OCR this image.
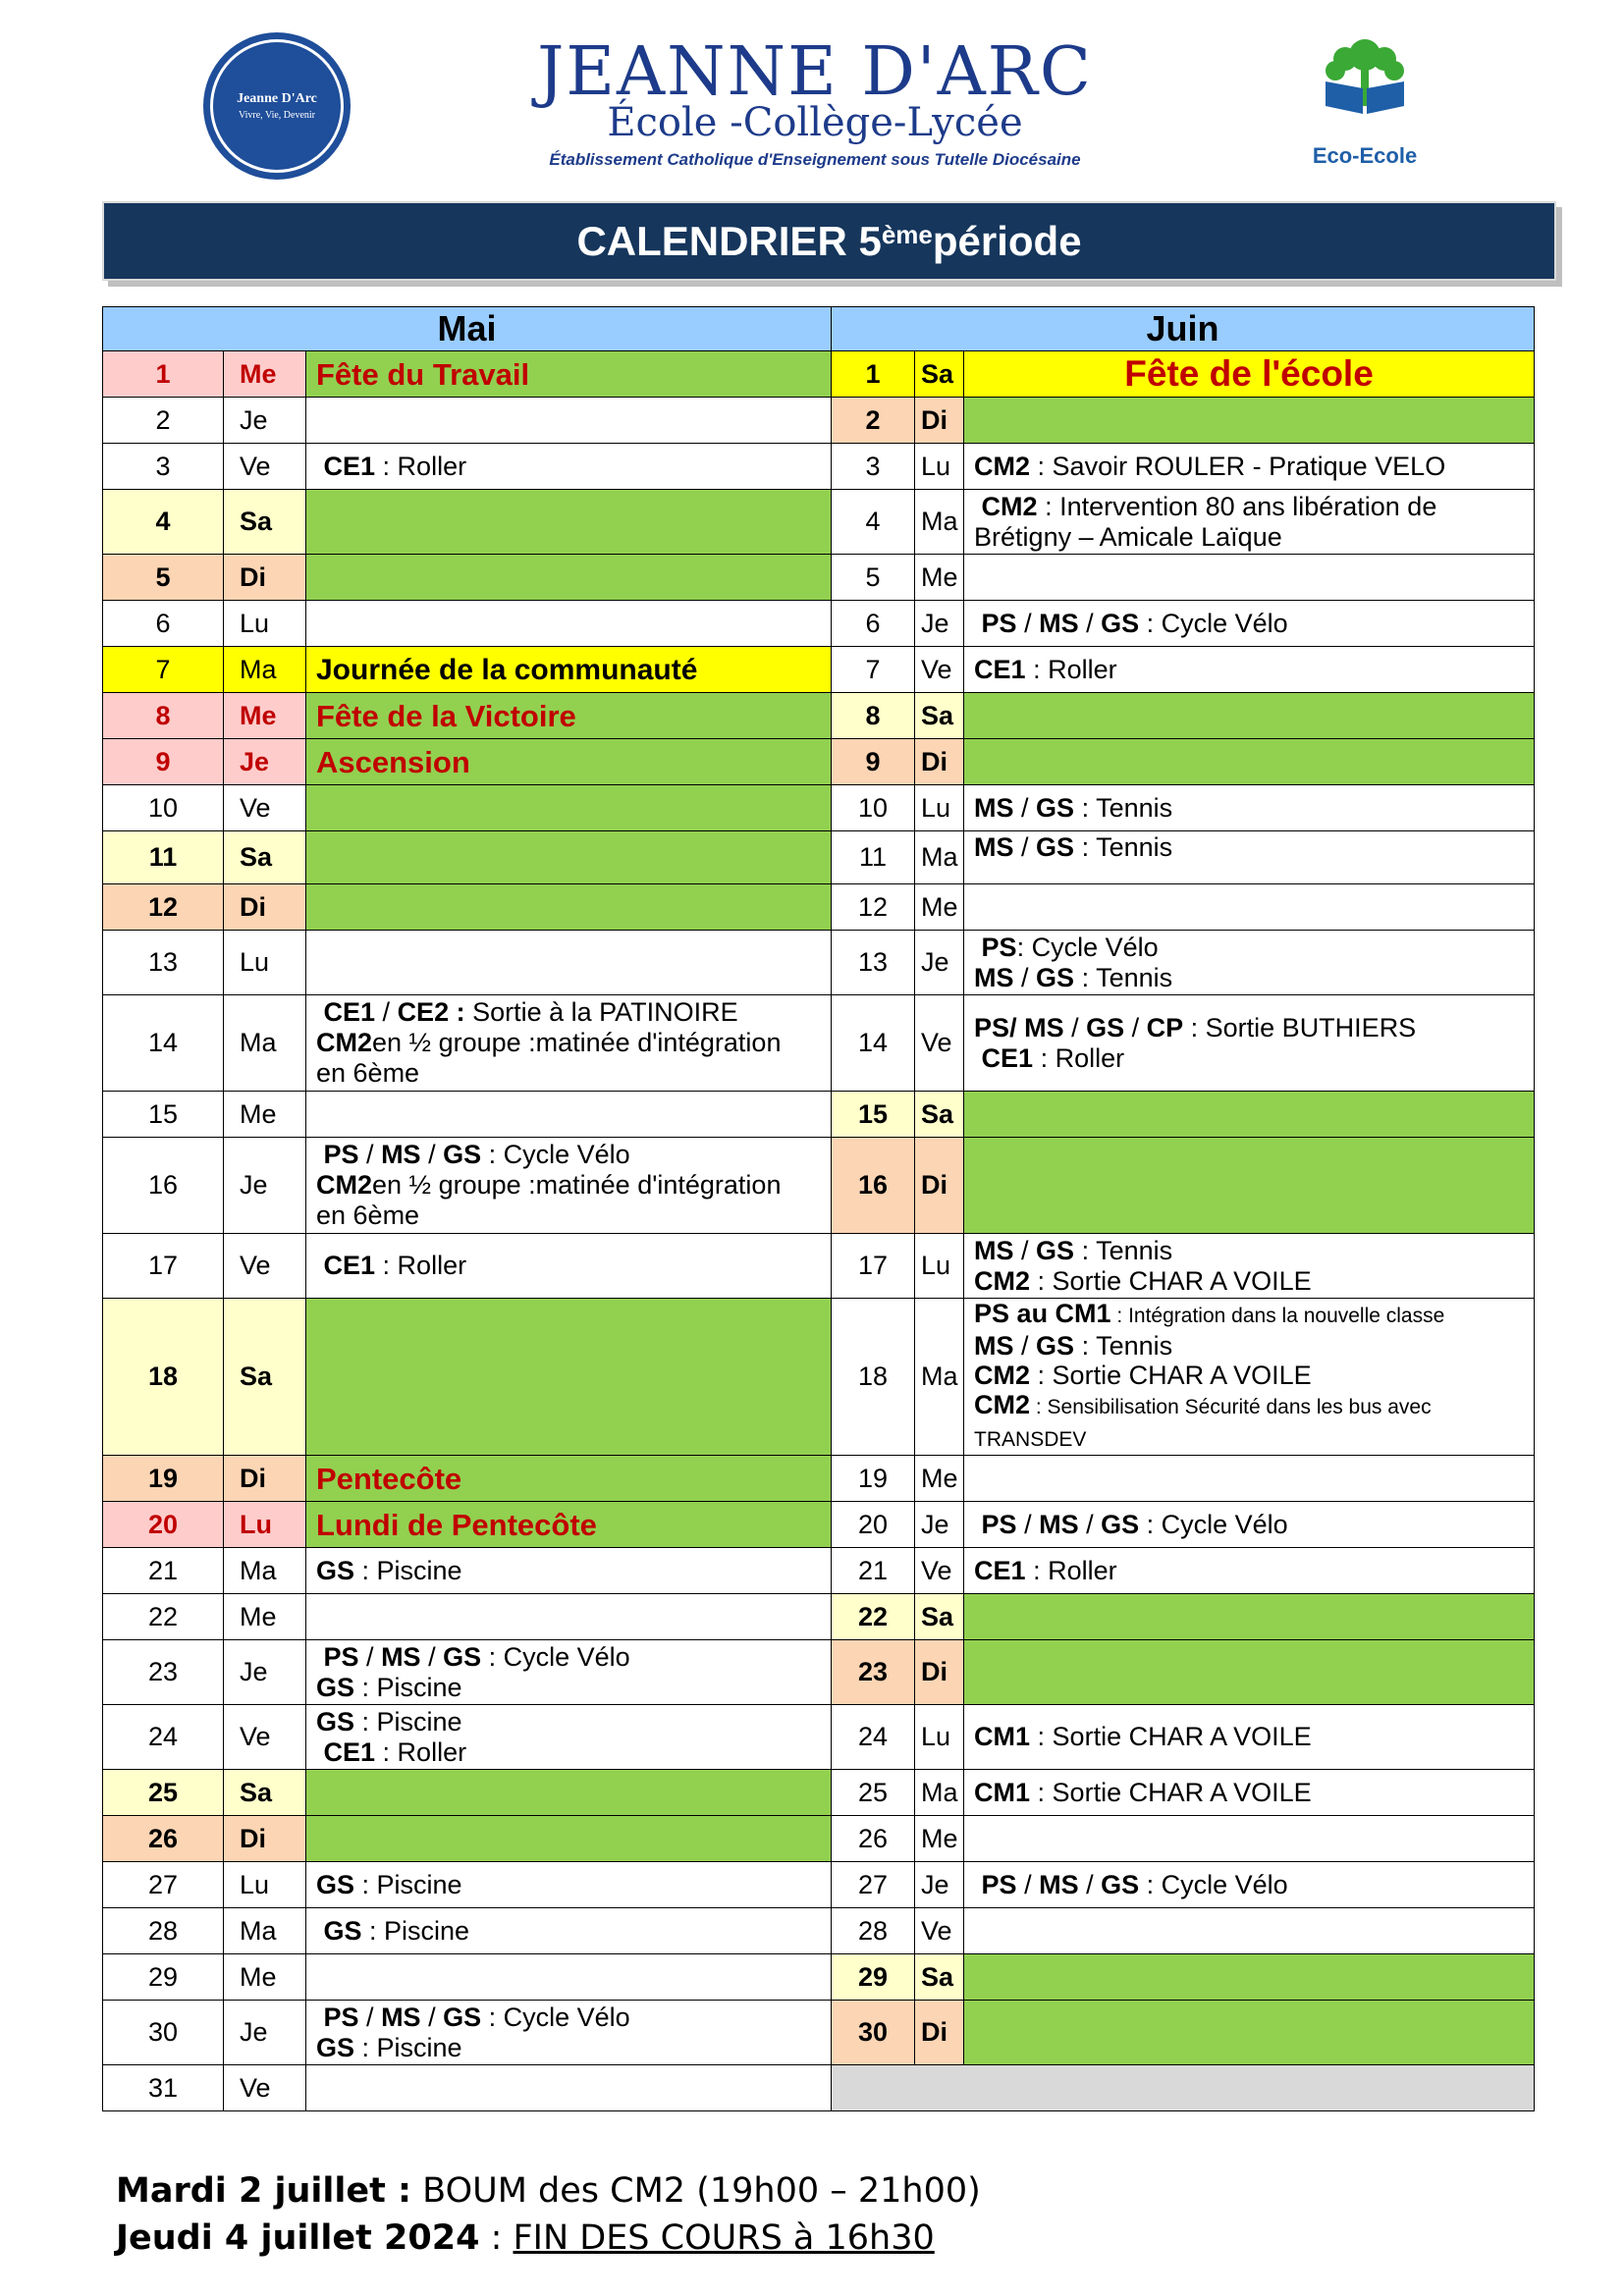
Jeanne D'Arc
Vivre, Vie, Devenir
JEANNE D'ARC
École -Collège-Lycée
Établissement Catholique d'Enseignement sous Tutelle Diocésaine	Eco-Ecole
CALENDRIER 5ème période
Mai			Juin		
1	Me	Fête du Travail	1	Sa	Fête de l'école
2	Je		2	Di	
3	Ve	CE1 : Roller	3	Lu	CM2 : Savoir ROULER - Pratique VELO
4	Sa		4	Ma	CM2 : Intervention 80 ans libération de
Brétigny – Amicale Laïque
5	Di		5	Me	
6	Lu		6	Je	PS / MS / GS : Cycle Vélo
7	Ma	Journée de la communauté	7	Ve	CE1 : Roller
8	Me	Fête de la Victoire	8	Sa	
9	Je	Ascension	9	Di	
10	Ve		10	Lu	MS / GS : Tennis
11	Sa		11	Ma	MS / GS : Tennis
12	Di		12	Me	
13	Lu		13	Je	PS: Cycle Vélo
MS / GS : Tennis
14	Ma	CE1 / CE2 : Sortie à la PATINOIRE
CM2en ½ groupe :matinée d'intégration
en 6ème	14	Ve	PS/ MS / GS / CP : Sortie BUTHIERS
CE1 : Roller
15	Me		15	Sa	
16	Je	PS / MS / GS : Cycle Vélo
CM2en ½ groupe :matinée d'intégration
en 6ème	16	Di	
17	Ve	CE1 : Roller	17	Lu	MS / GS : Tennis
CM2 : Sortie CHAR A VOILE
18	Sa		18	Ma	PS au CM1 : Intégration dans la nouvelle classe
MS / GS : Tennis
CM2 : Sortie CHAR A VOILE
CM2 : Sensibilisation Sécurité dans les bus avec
TRANSDEV
19	Di	Pentecôte	19	Me	
20	Lu	Lundi de Pentecôte	20	Je	PS / MS / GS : Cycle Vélo
21	Ma	GS : Piscine	21	Ve	CE1 : Roller
22	Me		22	Sa	
23	Je	PS / MS / GS : Cycle Vélo
GS : Piscine	23	Di	
24	Ve	GS : Piscine
CE1 : Roller	24	Lu	CM1 : Sortie CHAR A VOILE
25	Sa		25	Ma	CM1 : Sortie CHAR A VOILE
26	Di		26	Me	
27	Lu	GS : Piscine	27	Je	PS / MS / GS : Cycle Vélo
28	Ma	GS : Piscine	28	Ve	
29	Me		29	Sa	
30	Je	PS / MS / GS : Cycle Vélo
GS : Piscine	30	Di	
31	Ve				
Mardi 2 juillet : BOUM des CM2 (19h00 – 21h00)
Jeudi 4 juillet 2024 : FIN DES COURS à 16h30
